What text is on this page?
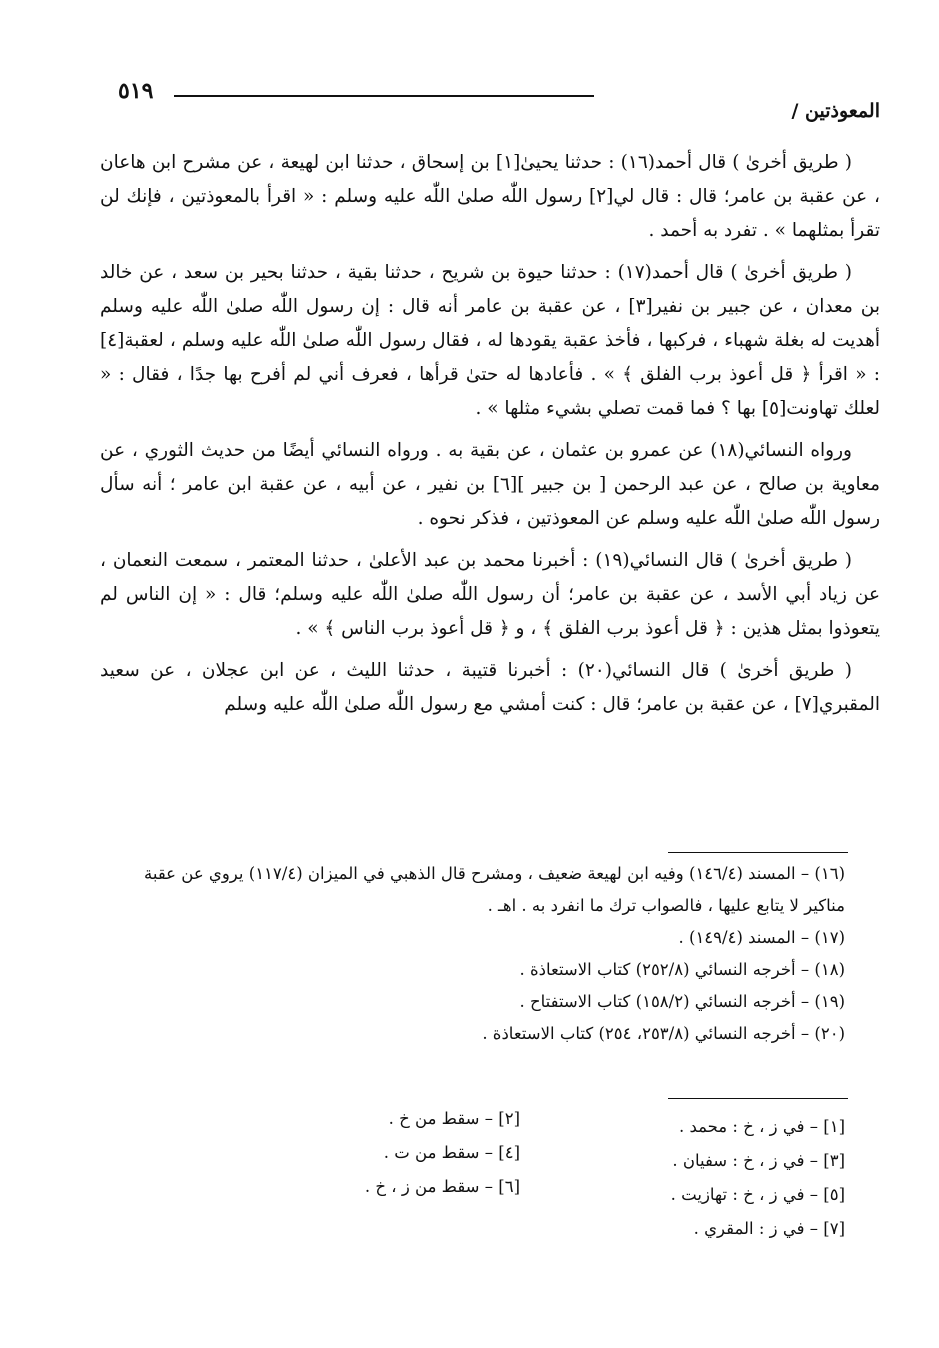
٥١٩
المعوذتين /

( طريق أخرىٰ ) قال أحمد(١٦) : حدثنا يحيىٰ[١] بن إسحاق ، حدثنا ابن لهيعة ، عن مشرح ابن هاعان ، عن عقبة بن عامر؛ قال : قال لي[٢] رسول اللّٰه صلىٰ اللّٰه عليه وسلم : « اقرأ بالمعوذتين ، فإنك لن تقرأ بمثلهما » . تفرد به أحمد .

( طريق أخرىٰ ) قال أحمد(١٧) : حدثنا حيوة بن شريح ، حدثنا بقية ، حدثنا بحير بن سعد ، عن خالد بن معدان ، عن جبير بن نفير[٣] ، عن عقبة بن عامر أنه قال : إن رسول اللّٰه صلىٰ اللّٰه عليه وسلم أهديت له بغلة شهباء ، فركبها ، فأخذ عقبة يقودها له ، فقال رسول اللّٰه صلىٰ اللّٰه عليه وسلم ، لعقبة[٤] : « اقرأ ﴿ قل أعوذ برب الفلق ﴾ » . فأعادها له حتىٰ قرأها ، فعرف أني لم أفرح بها جدًا ، فقال : « لعلك تهاونت[٥] بها ؟ فما قمت تصلي بشيء مثلها » .

ورواه النسائي(١٨) عن عمرو بن عثمان ، عن بقية به . ورواه النسائي أيضًا من حديث الثوري ، عن معاوية بن صالح ، عن عبد الرحمن [ بن جبير ][٦] بن نفير ، عن أبيه ، عن عقبة ابن عامر ؛ أنه سأل رسول اللّٰه صلىٰ اللّٰه عليه وسلم عن المعوذتين ، فذكر نحوه .

( طريق أخرىٰ ) قال النسائي(١٩) : أخبرنا محمد بن عبد الأعلىٰ ، حدثنا المعتمر ، سمعت النعمان ، عن زياد أبي الأسد ، عن عقبة بن عامر؛ أن رسول اللّٰه صلىٰ اللّٰه عليه وسلم؛ قال : « إن الناس لم يتعوذوا بمثل هذين : ﴿ قل أعوذ برب الفلق ﴾ ، و ﴿ قل أعوذ برب الناس ﴾ » .

( طريق أخرىٰ ) قال النسائي(٢٠) : أخبرنا قتيبة ، حدثنا الليث ، عن ابن عجلان ، عن سعيد المقبري[٧] ، عن عقبة بن عامر؛ قال : كنت أمشي مع رسول اللّٰه صلىٰ اللّٰه عليه وسلم

(١٦) – المسند (١٤٦/٤) وفيه ابن لهيعة ضعيف ، ومشرح قال الذهبي في الميزان (١١٧/٤) يروي عن عقبة مناكير لا يتابع عليها ، فالصواب ترك ما انفرد به . اهـ .

(١٧) – المسند (١٤٩/٤) .

(١٨) – أخرجه النسائي (٢٥٢/٨) كتاب الاستعاذة .

(١٩) – أخرجه النسائي (١٥٨/٢) كتاب الاستفتاح .

(٢٠) – أخرجه النسائي (٢٥٣/٨، ٢٥٤) كتاب الاستعاذة .

[١] – في ز ، خ : محمد .

[٣] – في ز ، خ : سفيان .

[٥] – في ز ، خ : تهازيت .

[٧] – في ز : المقري .

[٢] – سقط من خ .

[٤] – سقط من ت .

[٦] – سقط من ز ، خ .
